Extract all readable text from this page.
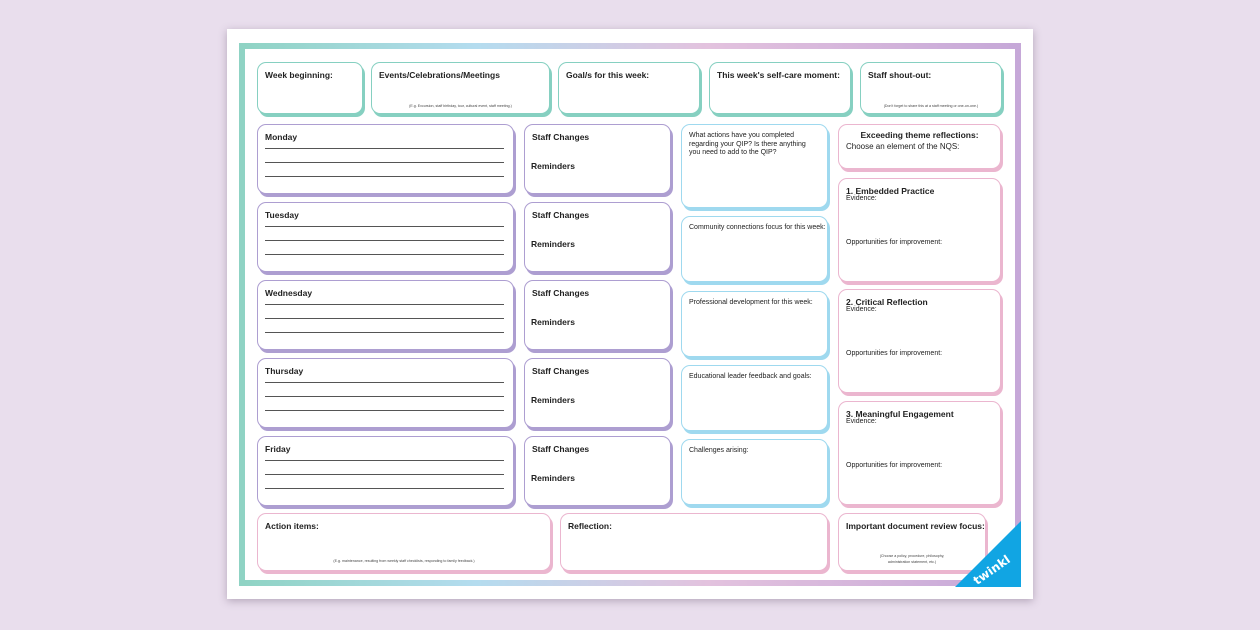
Week beginning:	Events/Celebrations/Meetings
(E.g. Excursion, staff birthday, tour, cultural event, staff meeting.)
Goal/s for this week:	This week's self-care moment:	Staff shout-out:
(Don't forget to share this at a staff meeting or one-on-one.)
Monday
Tuesday
Wednesday
Thursday
Friday
Staff Changes
Reminders
Staff Changes
Reminders
Staff Changes
Reminders
Staff Changes
Reminders
Staff Changes
Reminders
What actions have you completed regarding your QIP? Is there anything you need to add to the QIP?
Community connections focus for this week:
Professional development for this week:
Educational leader feedback and goals:
Challenges arising:
Exceeding theme reflections:
Choose an element of the NQS:
1. Embedded Practice
Evidence:
Opportunities for improvement:
2. Critical Reflection
Evidence:
Opportunities for improvement:
3. Meaningful Engagement
Evidence:
Opportunities for improvement:
Action items:
(E.g. maintenance, resulting from weekly staff checklists, responding to family feedback.)
Reflection:	Important document review focus:
(Choose a policy, procedure, philosophy,
administration statement, etc.)	twinkl
